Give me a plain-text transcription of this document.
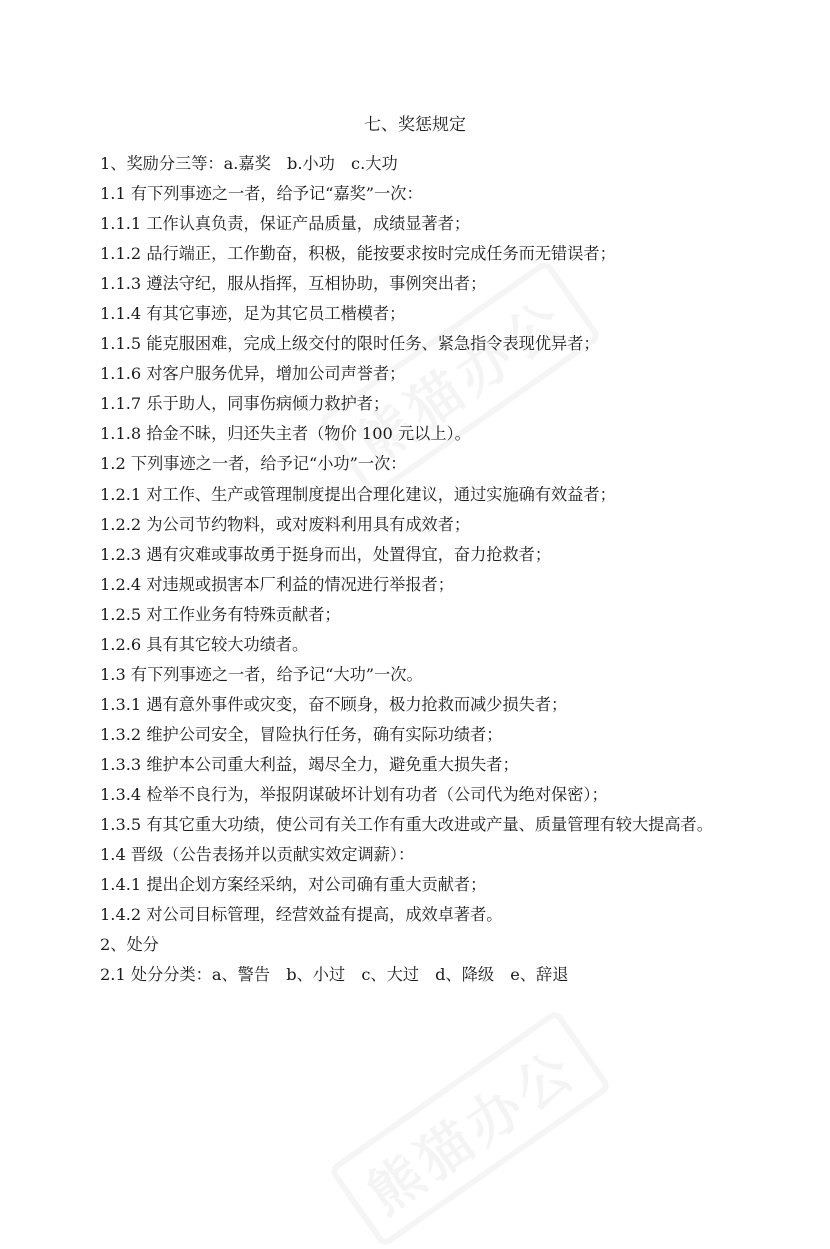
七、奖惩规定
1、奖励分三等：a.嘉奖　b.小功　c.大功
1.1 有下列事迹之一者，给予记“嘉奖”一次：
1.1.1 工作认真负责，保证产品质量，成绩显著者；
1.1.2 品行端正，工作勤奋，积极，能按要求按时完成任务而无错误者；
1.1.3 遵法守纪，服从指挥，互相协助，事例突出者；
1.1.4 有其它事迹，足为其它员工楷模者；
1.1.5 能克服困难，完成上级交付的限时任务、紧急指令表现优异者；
1.1.6 对客户服务优异，增加公司声誉者；
1.1.7 乐于助人，同事伤病倾力救护者；
1.1.8 拾金不昧，归还失主者（物价 100 元以上）。
1.2 下列事迹之一者，给予记“小功”一次：
1.2.1 对工作、生产或管理制度提出合理化建议，通过实施确有效益者；
1.2.2 为公司节约物料，或对废料利用具有成效者；
1.2.3 遇有灾难或事故勇于挺身而出，处置得宜，奋力抢救者；
1.2.4 对违规或损害本厂利益的情况进行举报者；
1.2.5 对工作业务有特殊贡献者；
1.2.6 具有其它较大功绩者。
1.3 有下列事迹之一者，给予记“大功”一次。
1.3.1 遇有意外事件或灾变，奋不顾身，极力抢救而减少损失者；
1.3.2 维护公司安全，冒险执行任务，确有实际功绩者；
1.3.3 维护本公司重大利益，竭尽全力，避免重大损失者；
1.3.4 检举不良行为，举报阴谋破坏计划有功者（公司代为绝对保密）；
1.3.5 有其它重大功绩，使公司有关工作有重大改进或产量、质量管理有较大提高者。
1.4 晋级（公告表扬并以贡献实效定调薪）：
1.4.1 提出企划方案经采纳，对公司确有重大贡献者；
1.4.2 对公司目标管理，经营效益有提高，成效卓著者。
2、处分
2.1 处分分类：a、警告　b、小过　c、大过　d、降级　e、辞退
